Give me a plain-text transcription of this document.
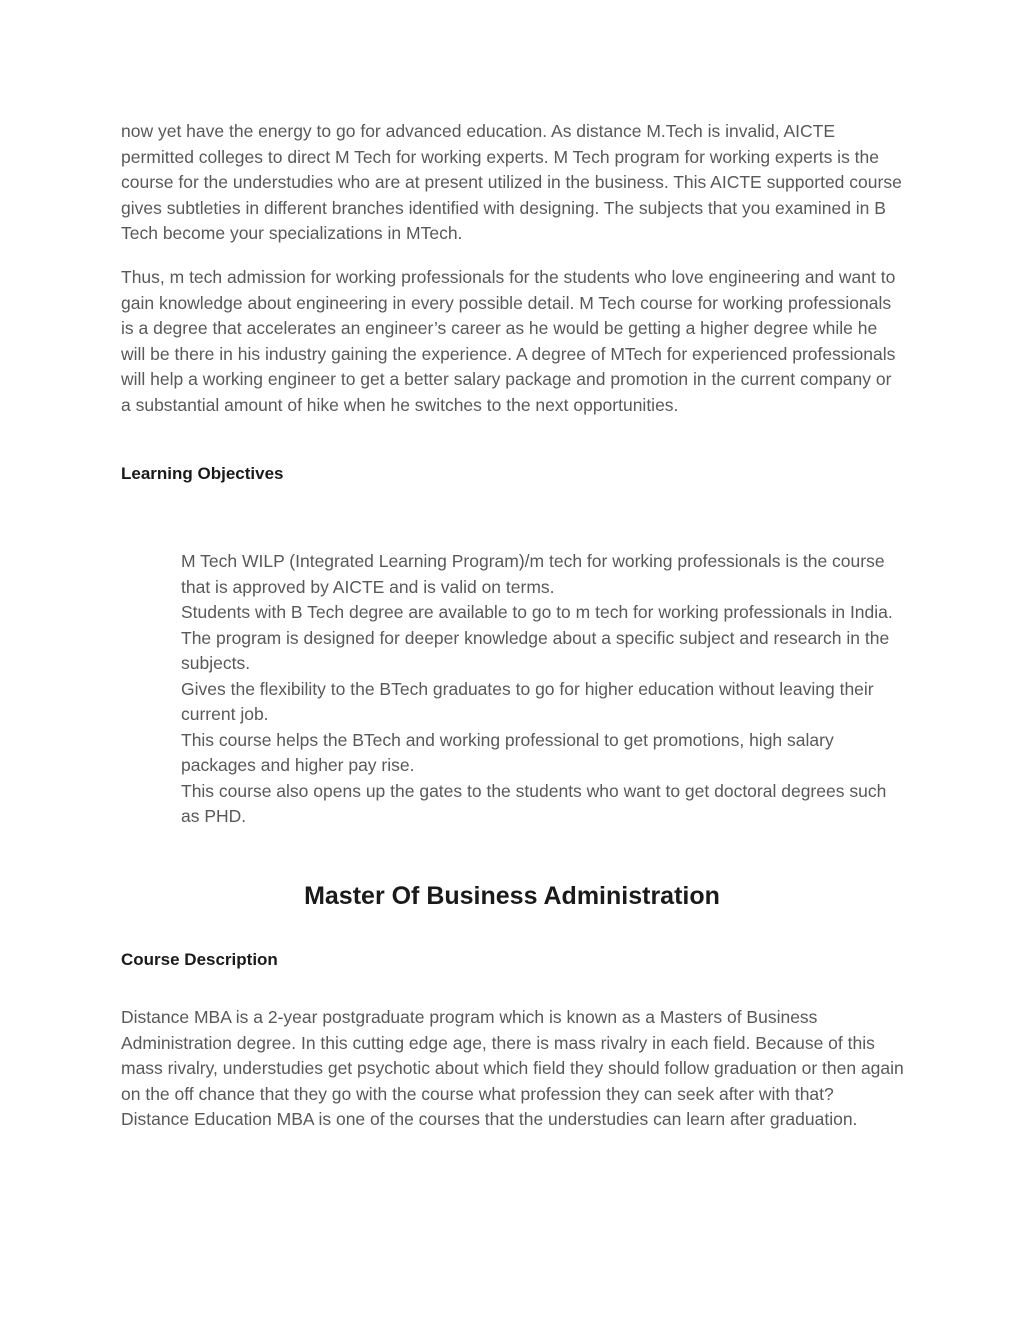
now yet have the energy to go for advanced education. As distance M.Tech is invalid, AICTE permitted colleges to direct M Tech for working experts. M Tech program for working experts is the course for the understudies who are at present utilized in the business. This AICTE supported course gives subtleties in different branches identified with designing. The subjects that you examined in B Tech become your specializations in MTech.

Thus, m tech admission for working professionals for the students who love engineering and want to gain knowledge about engineering in every possible detail. M Tech course for working professionals is a degree that accelerates an engineer’s career as he would be getting a higher degree while he will be there in his industry gaining the experience. A degree of MTech for experienced professionals will help a working engineer to get a better salary package and promotion in the current company or a substantial amount of hike when he switches to the next opportunities.

Learning Objectives
M Tech WILP (Integrated Learning Program)/m tech for working professionals is the course that is approved by AICTE and is valid on terms.
Students with B Tech degree are available to go to m tech for working professionals in India.
The program is designed for deeper knowledge about a specific subject and research in the subjects.
Gives the flexibility to the BTech graduates to go for higher education without leaving their current job.
This course helps the BTech and working professional to get promotions, high salary packages and higher pay rise.
This course also opens up the gates to the students who want to get doctoral degrees such as PHD.
Master Of Business Administration
Course Description

Distance MBA is a 2-year postgraduate program which is known as a Masters of Business Administration degree. In this cutting edge age, there is mass rivalry in each field. Because of this mass rivalry, understudies get psychotic about which field they should follow graduation or then again on the off chance that they go with the course what profession they can seek after with that? Distance Education MBA is one of the courses that the understudies can learn after graduation.
